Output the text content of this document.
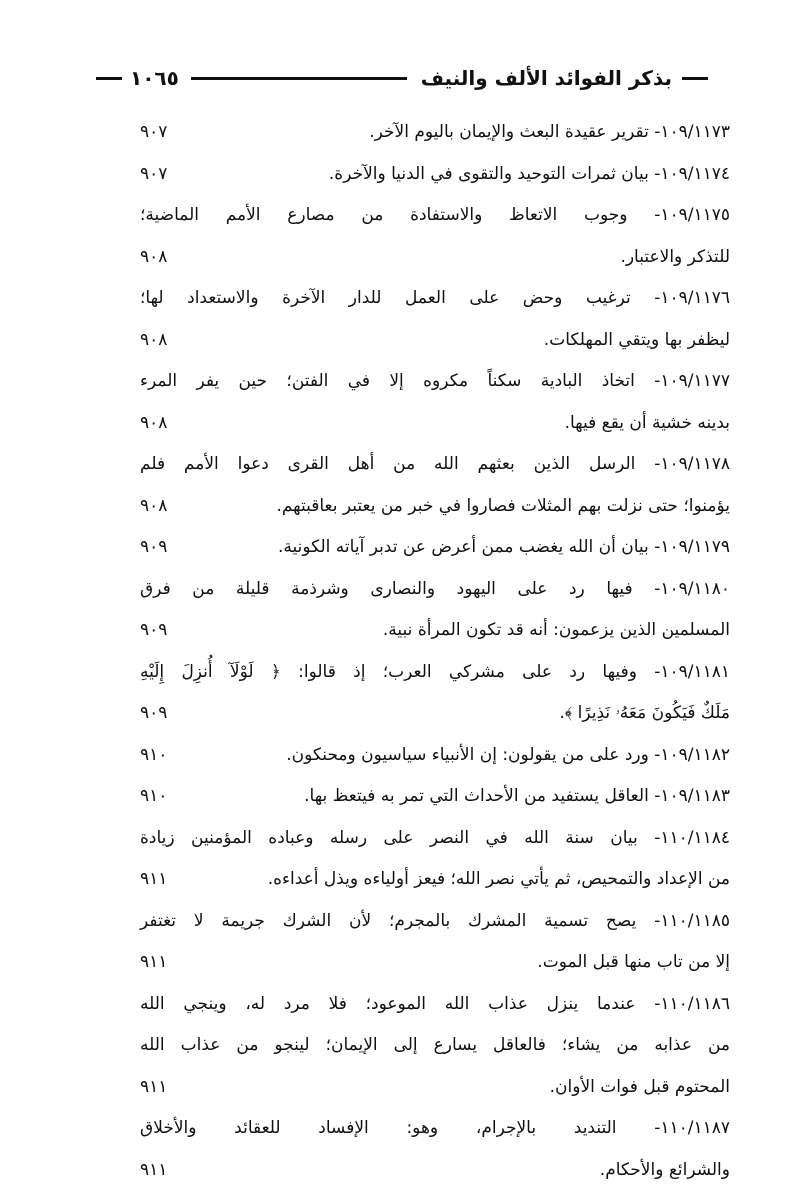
بذكر الفوائد الألف والنيف
١٠٦٥
١٠٩/١١٧٣- تقرير عقيدة البعث والإيمان باليوم الآخر.
٩٠٧
١٠٩/١١٧٤- بيان ثمرات التوحيد والتقوى في الدنيا والآخرة.
٩٠٧
١٠٩/١١٧٥- وجوب الاتعاظ والاستفادة من مصارع الأمم الماضية؛
للتذكر والاعتبار.
٩٠٨
١٠٩/١١٧٦- ترغيب وحض على العمل للدار الآخرة والاستعداد لها؛
ليظفر بها ويتقي المهلكات.
٩٠٨
١٠٩/١١٧٧- اتخاذ البادية سكناً مكروه إلا في الفتن؛ حين يفر المرء
بدينه خشية أن يقع فيها.
٩٠٨
١٠٩/١١٧٨- الرسل الذين بعثهم الله من أهل القرى دعوا الأمم فلم
يؤمنوا؛ حتى نزلت بهم المثلات فصاروا في خبر من يعتبر بعاقبتهم.
٩٠٨
١٠٩/١١٧٩- بيان أن الله يغضب ممن أعرض عن تدبر آياته الكونية.
٩٠٩
١٠٩/١١٨٠- فيها رد على اليهود والنصارى وشرذمة قليلة من فرق
المسلمين الذين يزعمون: أنه قد تكون المرأة نبية.
٩٠٩
١٠٩/١١٨١- وفيها رد على مشركي العرب؛ إذ قالوا: ﴿ لَوْلَآ أُنزِلَ إِلَيْهِ
مَلَكٌ فَيَكُونَ مَعَهُۥ نَذِيرًا ﴾.
٩٠٩
١٠٩/١١٨٢- ورد على من يقولون: إن الأنبياء سياسيون ومحنكون.
٩١٠
١٠٩/١١٨٣- العاقل يستفيد من الأحداث التي تمر به فيتعظ بها.
٩١٠
١١٠/١١٨٤- بيان سنة الله في النصر على رسله وعباده المؤمنين زيادة
من الإعداد والتمحيص، ثم يأتي نصر الله؛ فيعز أولياءه ويذل أعداءه.
٩١١
١١٠/١١٨٥- يصح تسمية المشرك بالمجرم؛ لأن الشرك جريمة لا تغتفر
إلا من تاب منها قبل الموت.
٩١١
١١٠/١١٨٦- عندما ينزل عذاب الله الموعود؛ فلا مرد له، وينجي الله
من عذابه من يشاء؛ فالعاقل يسارع إلى الإيمان؛ لينجو من عذاب الله
المحتوم قبل فوات الأوان.
٩١١
١١٠/١١٨٧- التنديد بالإجرام، وهو: الإفساد للعقائد والأخلاق
والشرائع والأحكام.
٩١١
